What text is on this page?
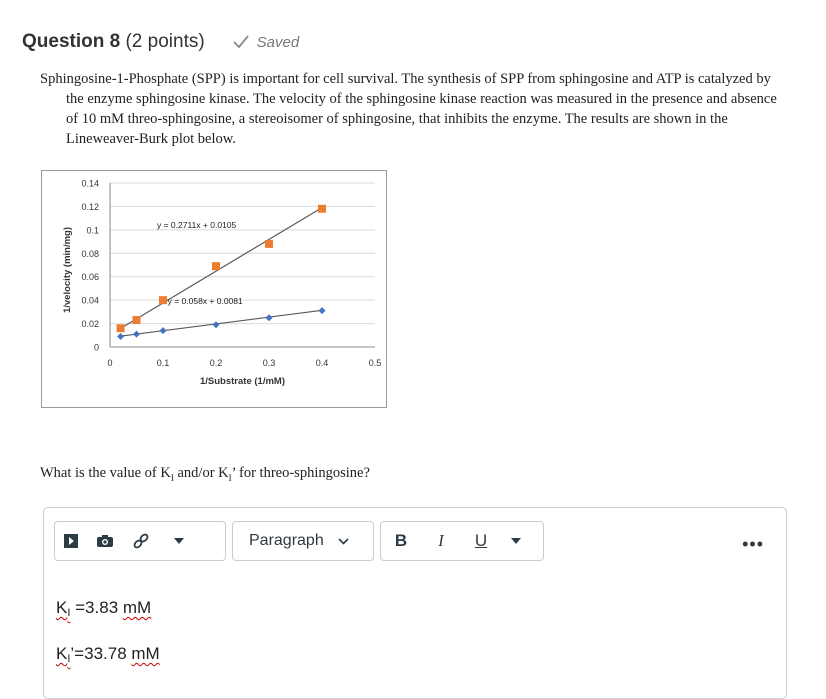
Question 8 (2 points)	Saved

Sphingosine-1-Phosphate (SPP) is important for cell survival. The synthesis of SPP from sphingosine and ATP is catalyzed by the enzyme sphingosine kinase. The velocity of the sphingosine kinase reaction was measured in the presence and absence of 10 mM threo-sphingosine, a stereoisomer of sphingosine, that inhibits the enzyme. The results are shown in the Lineweaver-Burk plot below.

0
0.02
0.04
0.06
0.08
0.1
0.12
0.14
0	0.1	0.2	0.3	0.4	0.5
1/Substrate (1/mM)
1/velocity (min/mg)
y = 0.2711x + 0.0105
y = 0.058x + 0.0081
What is the value of $K_I$ and/or $K_I$’ for threo-sphingosine?
Paragraph	B	I	U	•••
KI =3.83 mM
KI’=33.78 mM
